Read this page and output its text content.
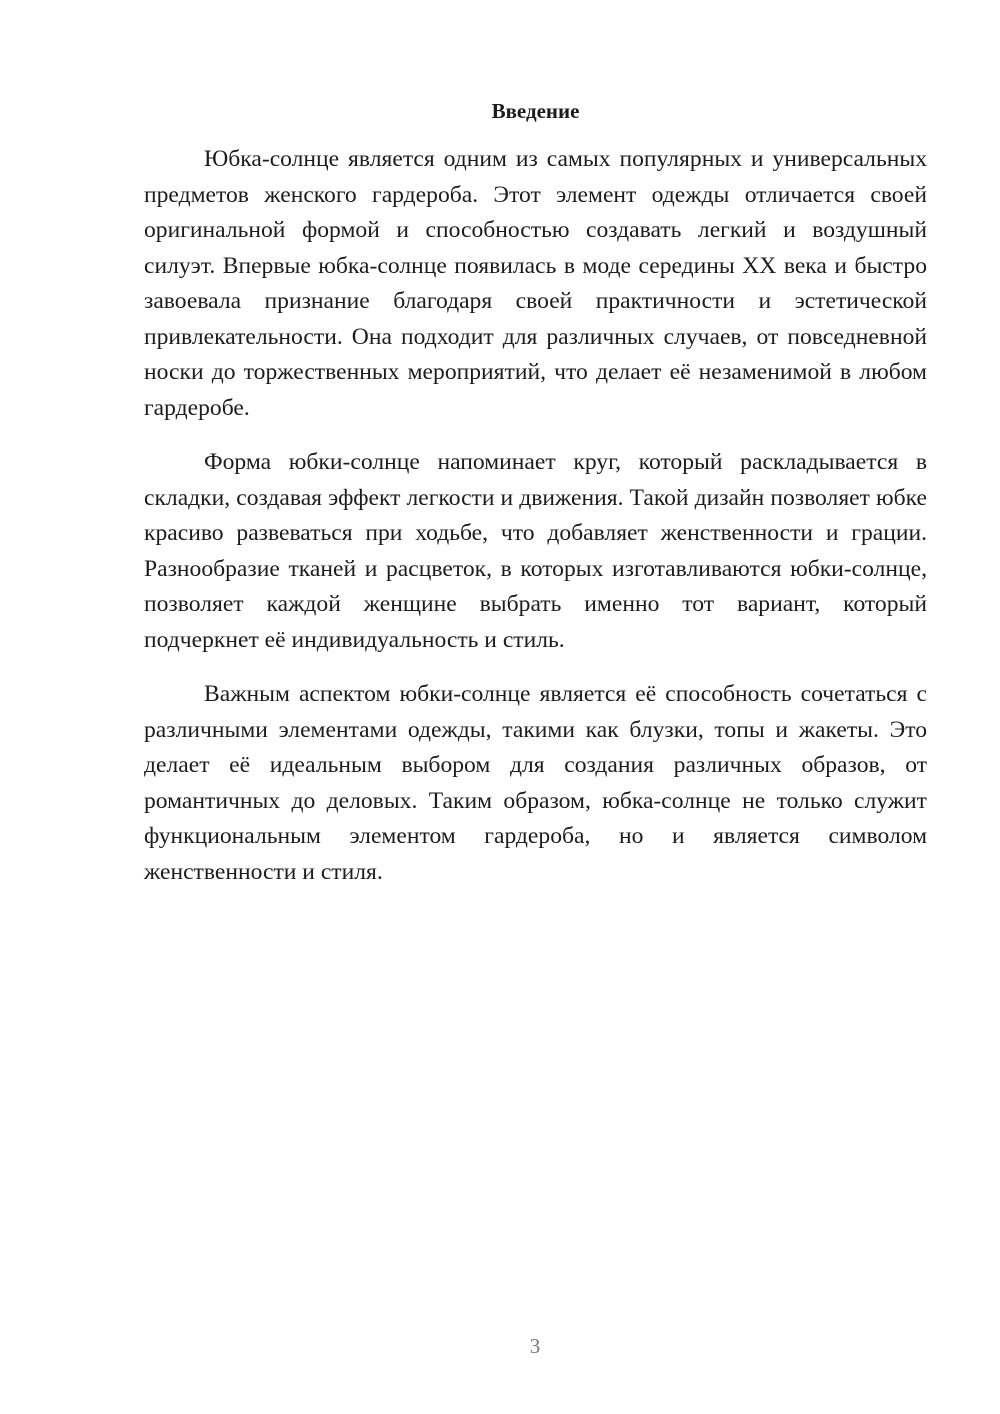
Введение

Юбка-солнце является одним из самых популярных и универсальных предметов женского гардероба. Этот элемент одежды отличается своей оригинальной формой и способностью создавать легкий и воздушный силуэт. Впервые юбка-солнце появилась в моде середины XX века и быстро завоевала признание благодаря своей практичности и эстетической привлекательности. Она подходит для различных случаев, от повседневной носки до торжественных мероприятий, что делает её незаменимой в любом гардеробе.

Форма юбки-солнце напоминает круг, который раскладывается в складки, создавая эффект легкости и движения. Такой дизайн позволяет юбке красиво развеваться при ходьбе, что добавляет женственности и грации. Разнообразие тканей и расцветок, в которых изготавливаются юбки-солнце, позволяет каждой женщине выбрать именно тот вариант, который подчеркнет её индивидуальность и стиль.

Важным аспектом юбки-солнце является её способность сочетаться с различными элементами одежды, такими как блузки, топы и жакеты. Это делает её идеальным выбором для создания различных образов, от романтичных до деловых. Таким образом, юбка-солнце не только служит функциональным элементом гардероба, но и является символом женственности и стиля.

3
